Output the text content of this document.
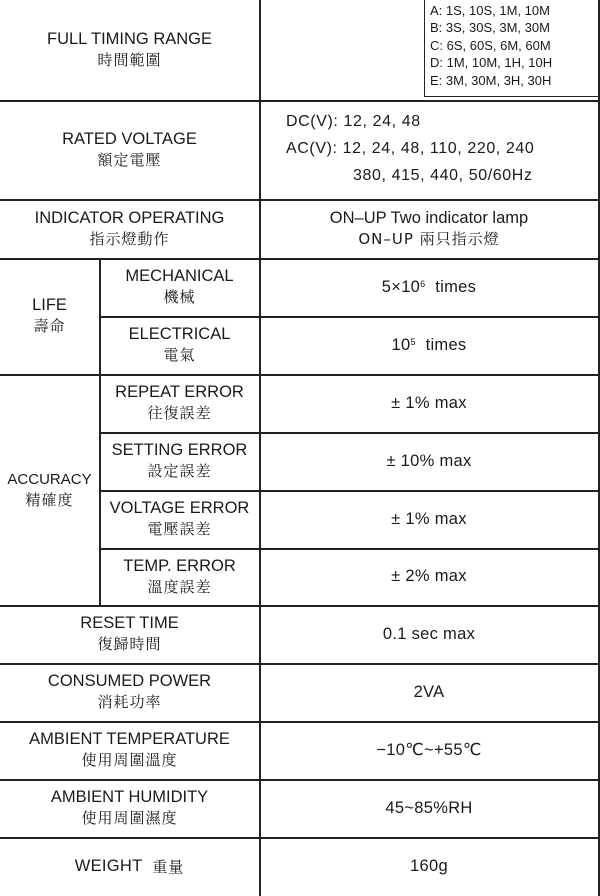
FULL TIMING RANGE
時間範圍
A: 1S, 10S, 1M, 10M
B: 3S, 30S, 3M, 30M
C: 6S, 60S, 6M, 60M
D: 1M, 10M, 1H, 10H
E: 3M, 30M, 3H, 30H
RATED VOLTAGE
額定電壓
DC(V): 12, 24, 48
AC(V): 12, 24, 48, 110, 220, 240
380, 415, 440, 50/60Hz
INDICATOR OPERATING
指示燈動作
ON–UP Two indicator lamp
ON–UP 兩只指示燈
LIFE
壽命
MECHANICAL
機械
$5\times 10^6$
times
ELECTRICAL
電氣
$10^5$
times
ACCURACY
精確度
REPEAT ERROR
往復誤差
± 1% max
SETTING ERROR
設定誤差
± 10% max
VOLTAGE ERROR
電壓誤差
± 1% max
TEMP. ERROR
溫度誤差
± 2% max
RESET TIME
復歸時間
0.1 sec max
CONSUMED POWER
消耗功率
2VA
AMBIENT TEMPERATURE
使用周圍溫度
−10℃~+55℃
AMBIENT HUMIDITY
使用周圍濕度
45~85%RH
WEIGHT
重量	160g
